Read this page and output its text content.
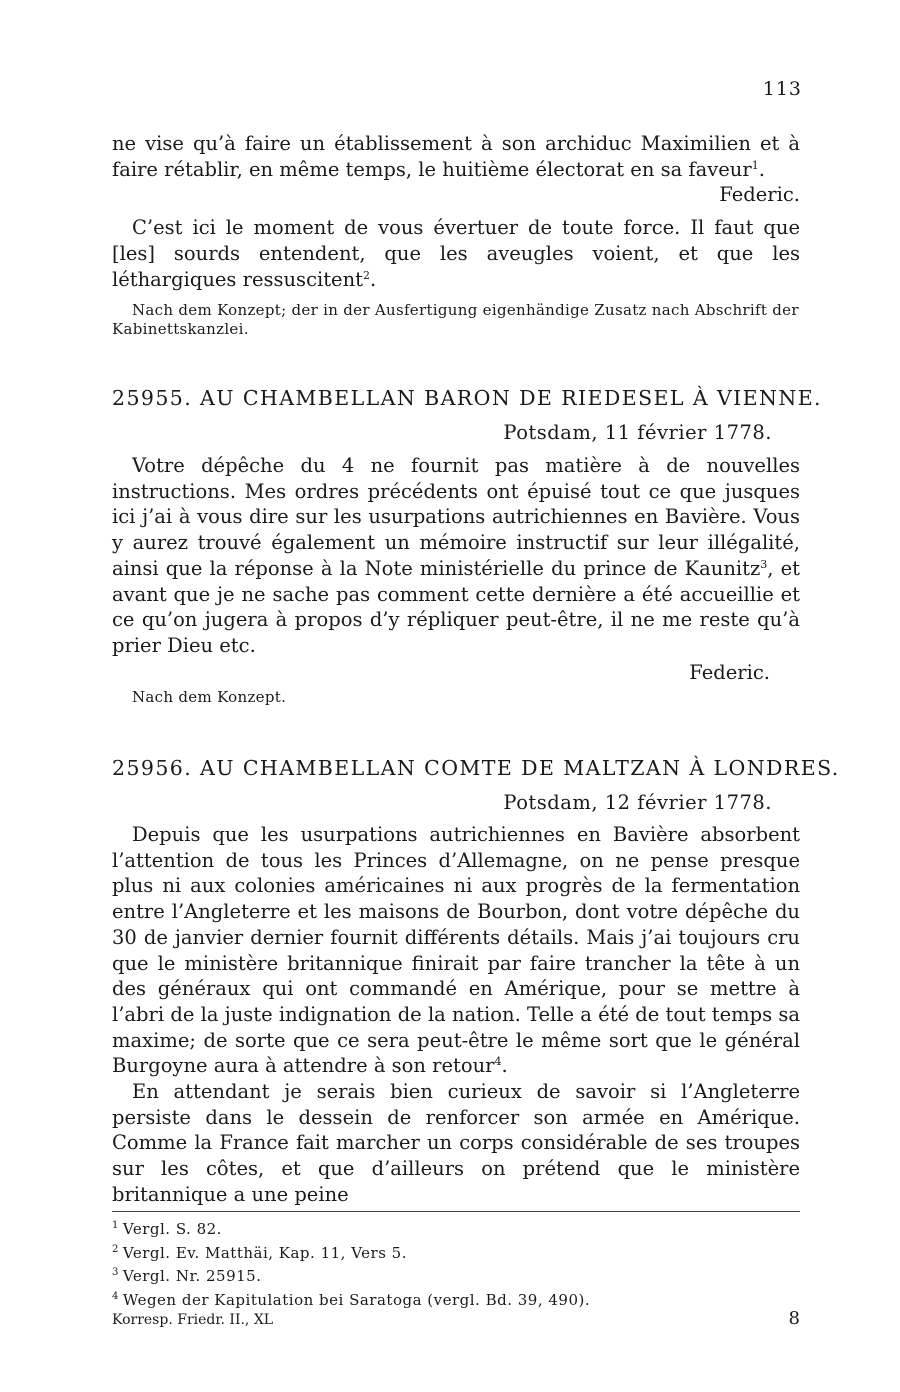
113

ne vise qu’à faire un établissement à son archiduc Maximilien et à faire rétablir, en même temps, le huitième électorat en sa faveur$^1$.

Federic.

C’est ici le moment de vous évertuer de toute force. Il faut que [les] sourds entendent, que les aveugles voient, et que les léthargiques ressuscitent$^2$.

Nach dem Konzept; der in der Ausfertigung eigenhändige Zusatz nach Abschrift der Kabinettskanzlei.
25955. AU CHAMBELLAN BARON DE RIEDESEL À VIENNE.
Potsdam, 11 février 1778.

Votre dépêche du 4 ne fournit pas matière à de nouvelles instructions. Mes ordres précédents ont épuisé tout ce que jusques ici j’ai à vous dire sur les usurpations autrichiennes en Bavière. Vous y aurez trouvé également un mémoire instructif sur leur illégalité, ainsi que la réponse à la Note ministérielle du prince de Kaunitz$^3$, et avant que je ne sache pas comment cette dernière a été accueillie et ce qu’on jugera à propos d’y répliquer peut-être, il ne me reste qu’à prier Dieu etc.

Federic.
Nach dem Konzept.
25956. AU CHAMBELLAN COMTE DE MALTZAN À LONDRES.
Potsdam, 12 février 1778.

Depuis que les usurpations autrichiennes en Bavière absorbent l’attention de tous les Princes d’Allemagne, on ne pense presque plus ni aux colonies américaines ni aux progrès de la fermentation entre l’Angleterre et les maisons de Bourbon, dont votre dépêche du 30 de janvier dernier fournit différents détails. Mais j’ai toujours cru que le ministère britannique finirait par faire trancher la tête à un des généraux qui ont commandé en Amérique, pour se mettre à l’abri de la juste indignation de la nation. Telle a été de tout temps sa maxime; de sorte que ce sera peut-être le même sort que le général Burgoyne aura à attendre à son retour$^4$.

En attendant je serais bien curieux de savoir si l’Angleterre persiste dans le dessein de renforcer son armée en Amérique. Comme la France fait marcher un corps considérable de ses troupes sur les côtes, et que d’ailleurs on prétend que le ministère britannique a une peine

$^1$ Vergl. S. 82.
$^2$ Vergl. Ev. Matthäi, Kap. 11, Vers 5.
$^3$ Vergl. Nr. 25915.
$^4$ Wegen der Kapitulation bei Saratoga (vergl. Bd. 39, 490).
Korresp. Friedr. II., XL	8
